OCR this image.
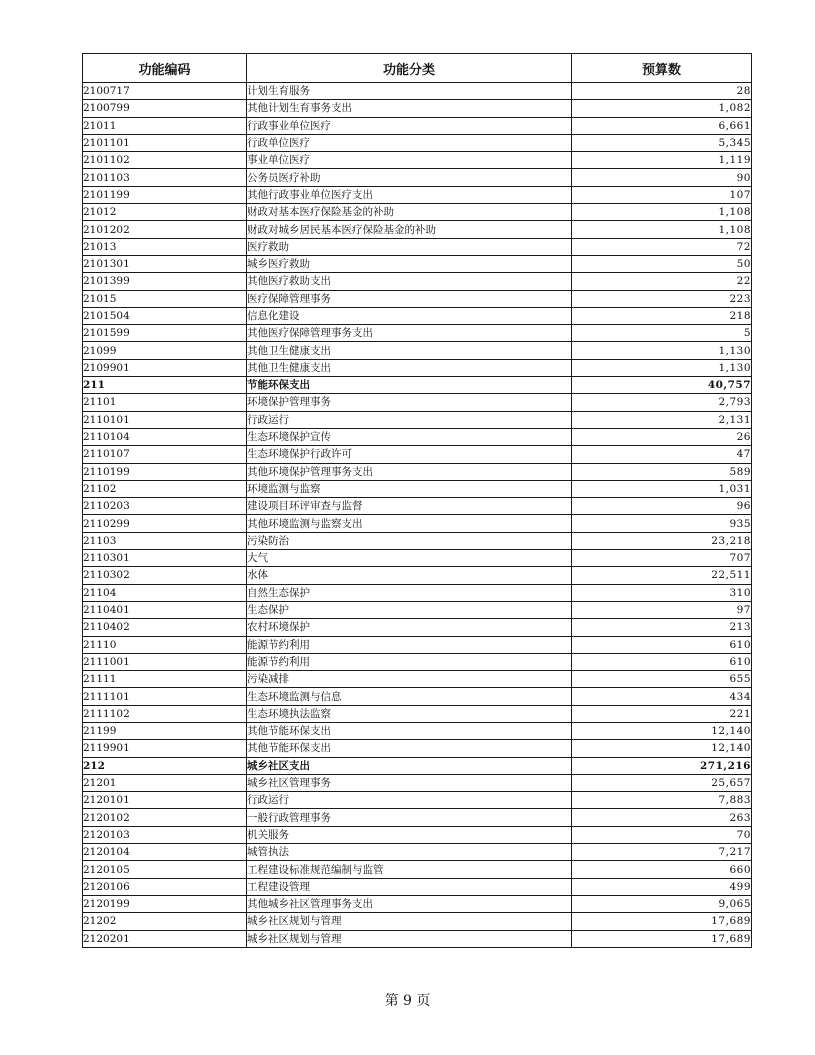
功能编码	功能分类	预算数
2100717	计划生育服务	28
2100799	其他计划生育事务支出	1,082
21011	行政事业单位医疗	6,661
2101101	行政单位医疗	5,345
2101102	事业单位医疗	1,119
2101103	公务员医疗补助	90
2101199	其他行政事业单位医疗支出	107
21012	财政对基本医疗保险基金的补助	1,108
2101202	财政对城乡居民基本医疗保险基金的补助	1,108
21013	医疗救助	72
2101301	城乡医疗救助	50
2101399	其他医疗救助支出	22
21015	医疗保障管理事务	223
2101504	信息化建设	218
2101599	其他医疗保障管理事务支出	5
21099	其他卫生健康支出	1,130
2109901	其他卫生健康支出	1,130
211	节能环保支出	40,757
21101	环境保护管理事务	2,793
2110101	行政运行	2,131
2110104	生态环境保护宣传	26
2110107	生态环境保护行政许可	47
2110199	其他环境保护管理事务支出	589
21102	环境监测与监察	1,031
2110203	建设项目环评审查与监督	96
2110299	其他环境监测与监察支出	935
21103	污染防治	23,218
2110301	大气	707
2110302	水体	22,511
21104	自然生态保护	310
2110401	生态保护	97
2110402	农村环境保护	213
21110	能源节约利用	610
2111001	能源节约利用	610
21111	污染减排	655
2111101	生态环境监测与信息	434
2111102	生态环境执法监察	221
21199	其他节能环保支出	12,140
2119901	其他节能环保支出	12,140
212	城乡社区支出	271,216
21201	城乡社区管理事务	25,657
2120101	行政运行	7,883
2120102	一般行政管理事务	263
2120103	机关服务	70
2120104	城管执法	7,217
2120105	工程建设标准规范编制与监管	660
2120106	工程建设管理	499
2120199	其他城乡社区管理事务支出	9,065
21202	城乡社区规划与管理	17,689
2120201	城乡社区规划与管理	17,689
第 9 页
